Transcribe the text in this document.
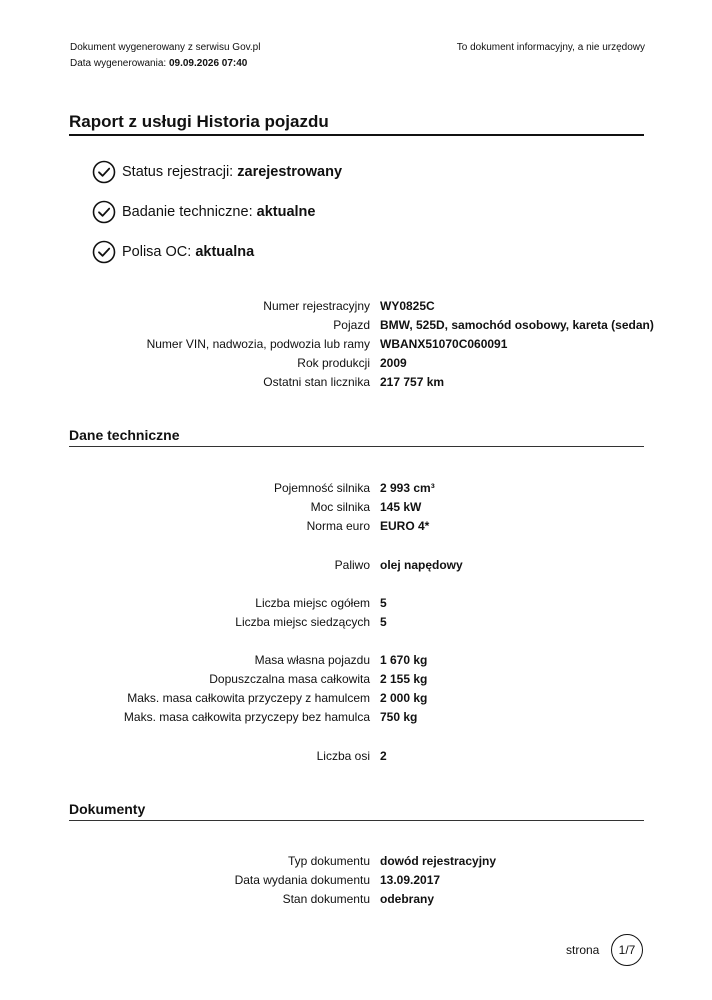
Dokument wygenerowany z serwisu Gov.pl
Data wygenerowania: 09.09.2026 07:40
To dokument informacyjny, a nie urzędowy
Raport z usługi Historia pojazdu
Status rejestracji:
zarejestrowany
Badanie techniczne:
aktualne
Polisa OC:
aktualna
Numer rejestracyjny WY0825C
Pojazd BMW, 525D, samochód osobowy, kareta (sedan)
Numer VIN, nadwozia, podwozia lub ramy WBANX51070C060091
Rok produkcji 2009
Ostatni stan licznika 217 757 km
Dane techniczne
Pojemność silnika 2 993 cm³
Moc silnika 145 kW
Norma euro EURO 4*
Paliwo olej napędowy
Liczba miejsc ogółem 5
Liczba miejsc siedzących 5
Masa własna pojazdu 1 670 kg
Dopuszczalna masa całkowita 2 155 kg
Maks. masa całkowita przyczepy z hamulcem 2 000 kg
Maks. masa całkowita przyczepy bez hamulca 750 kg
Liczba osi 2
Dokumenty
Typ dokumentu dowód rejestracyjny
Data wydania dokumentu 13.09.2017
Stan dokumentu odebrany
strona	1/7
